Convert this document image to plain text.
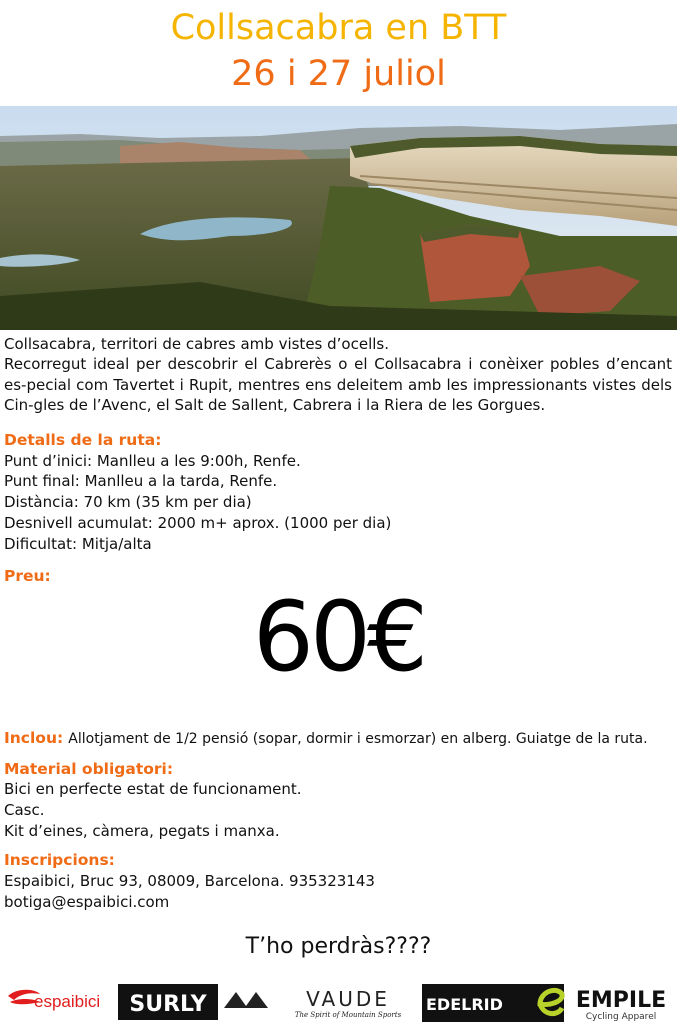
Collsacabra en BTT
26 i 27 juliol
Collsacabra, territori de cabres amb vistes d’ocells.
Recorregut ideal per descobrir el Cabrerès o el Collsacabra i conèixer pobles d’encant es-pecial com Tavertet i Rupit, mentres ens deleitem amb les impressionants vistes dels Cin-gles de l’Avenc, el Salt de Sallent, Cabrera i la Riera de les Gorgues.
Detalls de la ruta:
Punt d’inici: Manlleu a les 9:00h, Renfe.
Punt final: Manlleu a la tarda, Renfe.
Distància: 70 km (35 km per dia)
Desnivell acumulat: 2000 m+ aprox. (1000 per dia)
Dificultat: Mitja/alta
Preu:
60€
Inclou: Allotjament de 1/2 pensió (sopar, dormir i esmorzar) en alberg. Guiatge de la ruta.
Material obligatori:
Bici en perfecte estat de funcionament.
Casc.
Kit d’eines, càmera, pegats i manxa.
Inscripcions:
Espaibici, Bruc 93, 08009, Barcelona. 935323143
botiga@espaibici.com
T’ho perdràs????
espaibici SURLY	VAUDE
The Spirit of Mountain Sports
EDELRID	EMPILE
Cycling Apparel
